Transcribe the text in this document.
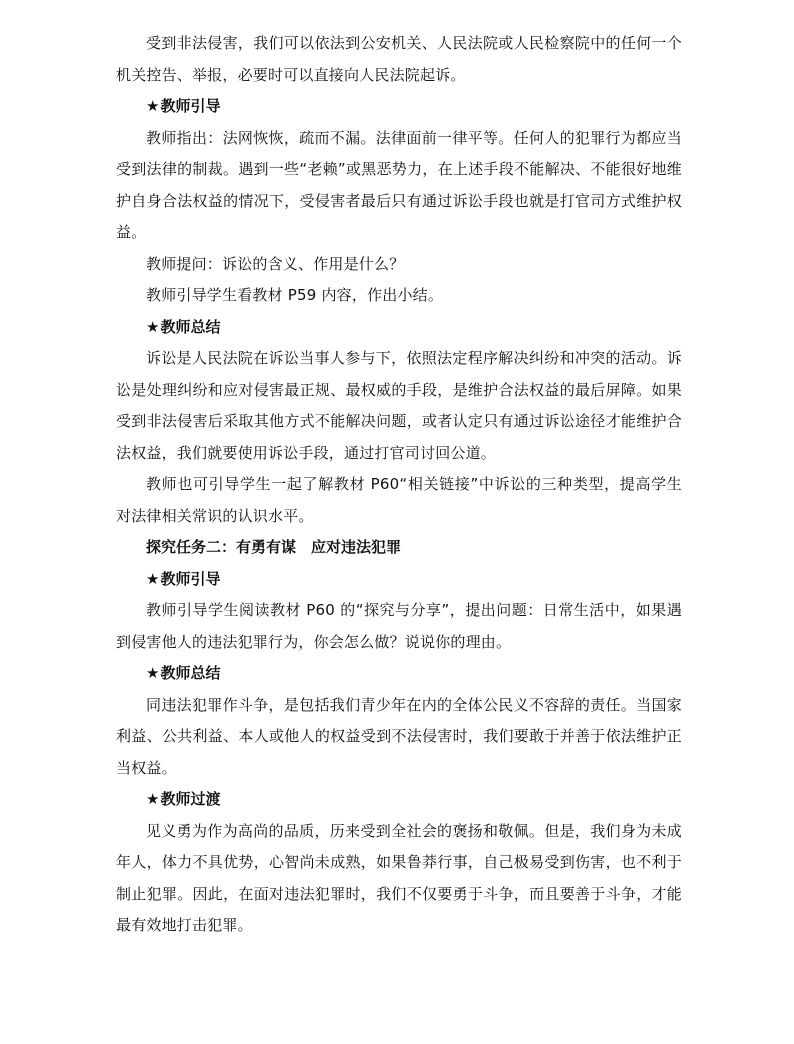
受到非法侵害，我们可以依法到公安机关、人民法院或人民检察院中的任何一个机关控告、举报，必要时可以直接向人民法院起诉。

★教师引导

教师指出：法网恢恢，疏而不漏。法律面前一律平等。任何人的犯罪行为都应当受到法律的制裁。遇到一些“老赖”或黑恶势力，在上述手段不能解决、不能很好地维护自身合法权益的情况下，受侵害者最后只有通过诉讼手段也就是打官司方式维护权益。

教师提问：诉讼的含义、作用是什么？

教师引导学生看教材 P59 内容，作出小结。

★教师总结

诉讼是人民法院在诉讼当事人参与下，依照法定程序解决纠纷和冲突的活动。诉讼是处理纠纷和应对侵害最正规、最权威的手段，是维护合法权益的最后屏障。如果受到非法侵害后采取其他方式不能解决问题，或者认定只有通过诉讼途径才能维护合法权益，我们就要使用诉讼手段，通过打官司讨回公道。

教师也可引导学生一起了解教材 P60“相关链接”中诉讼的三种类型，提高学生对法律相关常识的认识水平。

探究任务二：有勇有谋　应对违法犯罪

★教师引导

教师引导学生阅读教材 P60 的“探究与分享”，提出问题：日常生活中，如果遇到侵害他人的违法犯罪行为，你会怎么做？说说你的理由。

★教师总结

同违法犯罪作斗争，是包括我们青少年在内的全体公民义不容辞的责任。当国家利益、公共利益、本人或他人的权益受到不法侵害时，我们要敢于并善于依法维护正当权益。

★教师过渡

见义勇为作为高尚的品质，历来受到全社会的褒扬和敬佩。但是，我们身为未成年人，体力不具优势，心智尚未成熟，如果鲁莽行事，自己极易受到伤害，也不利于制止犯罪。因此，在面对违法犯罪时，我们不仅要勇于斗争，而且要善于斗争，才能最有效地打击犯罪。
